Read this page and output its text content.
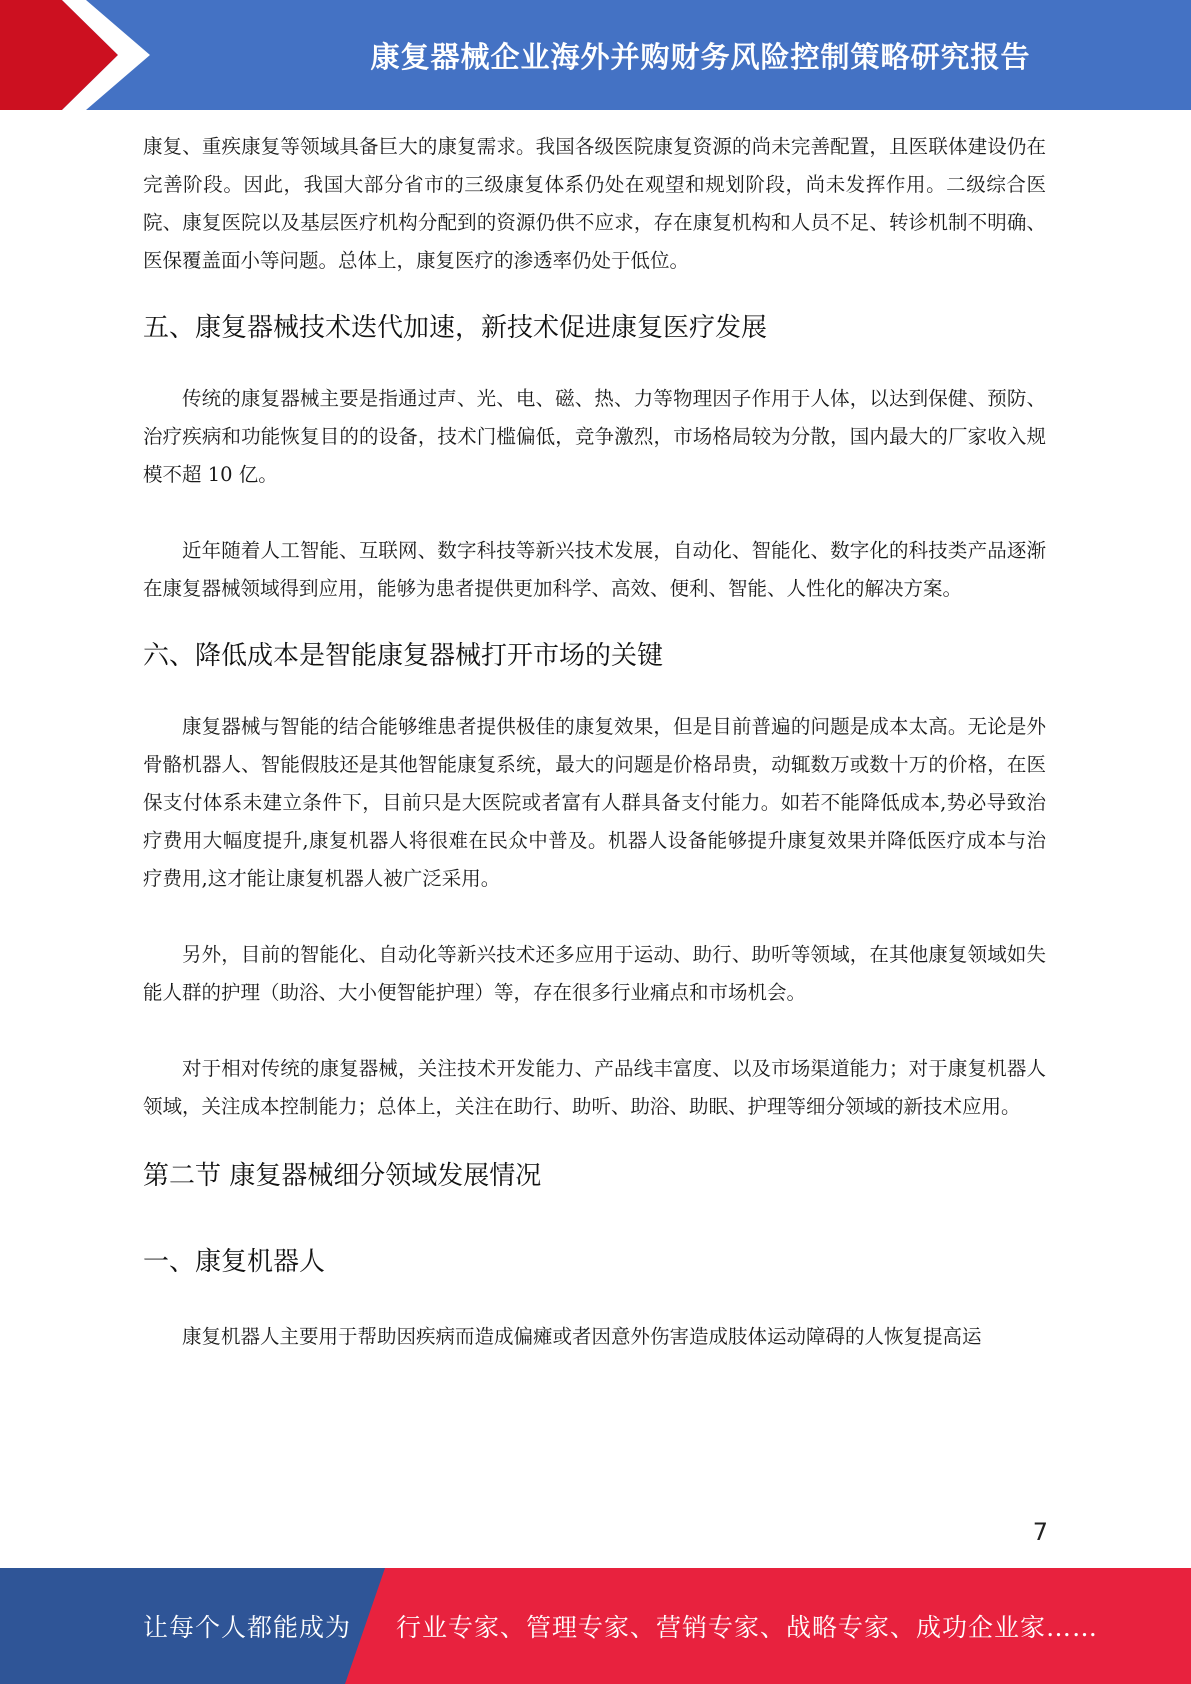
康复器械企业海外并购财务风险控制策略研究报告

康复、重疾康复等领域具备巨大的康复需求。我国各级医院康复资源的尚未完善配置，且医联体建设仍在完善阶段。因此，我国大部分省市的三级康复体系仍处在观望和规划阶段，尚未发挥作用。二级综合医院、康复医院以及基层医疗机构分配到的资源仍供不应求，存在康复机构和人员不足、转诊机制不明确、医保覆盖面小等问题。总体上，康复医疗的渗透率仍处于低位。

五、康复器械技术迭代加速，新技术促进康复医疗发展

传统的康复器械主要是指通过声、光、电、磁、热、力等物理因子作用于人体，以达到保健、预防、治疗疾病和功能恢复目的的设备，技术门槛偏低，竞争激烈，市场格局较为分散，国内最大的厂家收入规模不超 10 亿。

近年随着人工智能、互联网、数字科技等新兴技术发展，自动化、智能化、数字化的科技类产品逐渐在康复器械领域得到应用，能够为患者提供更加科学、高效、便利、智能、人性化的解决方案。

六、降低成本是智能康复器械打开市场的关键

康复器械与智能的结合能够维患者提供极佳的康复效果，但是目前普遍的问题是成本太高。无论是外骨骼机器人、智能假肢还是其他智能康复系统，最大的问题是价格昂贵，动辄数万或数十万的价格，在医保支付体系未建立条件下，目前只是大医院或者富有人群具备支付能力。如若不能降低成本,势必导致治疗费用大幅度提升,康复机器人将很难在民众中普及。机器人设备能够提升康复效果并降低医疗成本与治疗费用,这才能让康复机器人被广泛采用。

另外，目前的智能化、自动化等新兴技术还多应用于运动、助行、助听等领域，在其他康复领域如失能人群的护理（助浴、大小便智能护理）等，存在很多行业痛点和市场机会。

对于相对传统的康复器械，关注技术开发能力、产品线丰富度、以及市场渠道能力；对于康复机器人领域，关注成本控制能力；总体上，关注在助行、助听、助浴、助眠、护理等细分领域的新技术应用。

第二节 康复器械细分领域发展情况
一、康复机器人

康复机器人主要用于帮助因疾病而造成偏瘫或者因意外伤害造成肢体运动障碍的人恢复提高运

7
让每个人都能成为 行业专家、管理专家、营销专家、战略专家、成功企业家……
